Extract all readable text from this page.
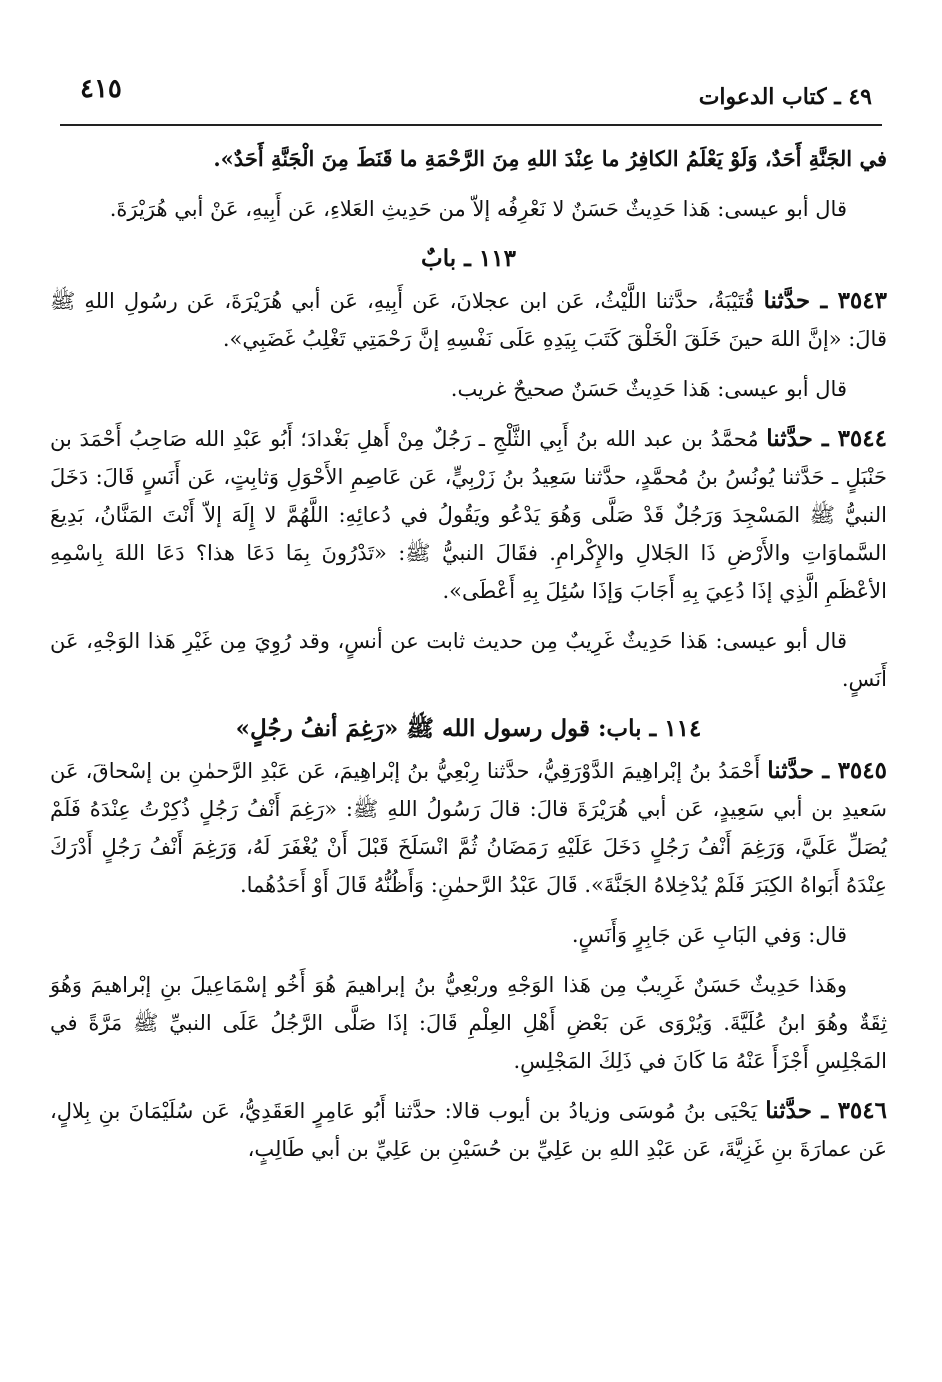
٤١٥	٤٩ ـ كتاب الدعوات

في الجَنَّةِ أَحَدٌ، وَلَوْ يَعْلَمُ الكافِرُ ما عِنْدَ اللهِ مِنَ الرَّحْمَةِ ما قَنَطَ مِنَ الْجَنَّةِ أَحَدٌ».

قال أبو عيسى: هَذا حَدِيثٌ حَسَنٌ لا نَعْرِفُه إلاّ من حَدِيثِ العَلاءِ، عَن أَبِيهِ، عَنْ أبي هُرَيْرَةَ.

١١٣ ـ بابٌ

٣٥٤٣ ـ حدَّثنا قُتَيْبَةُ، حدَّثنا اللَّيْثُ، عَن ابن عجلانَ، عَن أَبِيهِ، عَن أبي هُرَيْرَةَ، عَن رسُولِ اللهِ ﷺ قالَ: «إنَّ اللهَ حينَ خَلَقَ الْخَلْقَ كَتَبَ بِيَدِهِ عَلَى نَفْسِهِ إنَّ رَحْمَتِي تَغْلِبُ غَضَبِي».

قال أبو عيسى: هَذا حَدِيثٌ حَسَنٌ صحيحٌ غريب.

٣٥٤٤ ـ حدَّثنا مُحمَّدُ بن عبد الله بنُ أَبِي الثَّلْجِ ـ رَجُلٌ مِنْ أَهلِ بَغْدادَ؛ أَبُو عَبْدِ الله صَاحِبُ أَحْمَدَ بن حَنْبَلٍ ـ حَدَّثنا يُونُسُ بنُ مُحمَّدٍ، حدَّثنا سَعِيدُ بنُ زَرْبِيٍّ، عَن عَاصِمِ الأَحْوَلِ وَثابِتٍ، عَن أَنَسٍ قَالَ: دَخَلَ النبيُّ ﷺ المَسْجِدَ وَرَجُلٌ قَدْ صَلَّى وَهُوَ يَدْعُو ويَقُولُ في دُعائِهِ: اللَّهُمَّ لا إِلَهَ إلاّ أَنْتَ المَنَّانُ، بَدِيعَ السَّماوَاتِ والأَرْضِ ذَا الجَلالِ والإِكْرامِ. فقَالَ النبيُّ ﷺ: «تَدْرُونَ بِمَا دَعَا هذا؟ دَعَا اللهَ بِاسْمِهِ الأعْظَمِ الَّذِي إذَا دُعِيَ بِهِ أَجَابَ وَإذَا سُئِلَ بِهِ أَعْطَى».

قال أبو عيسى: هَذا حَدِيثٌ غَرِيبٌ مِن حديث ثابت عن أنسٍ، وقد رُوِيَ مِن غَيْرِ هَذا الوَجْهِ، عَن أَنَسٍ.

١١٤ ـ باب: قول رسول الله ﷺ «رَغِمَ أنفُ رجُلٍ»

٣٥٤٥ ـ حدَّثنا أَحْمَدُ بنُ إبْراهِيمَ الدَّوْرَقِيُّ، حدَّثنا رِبْعِيُّ بنُ إبْراهِيمَ، عَن عَبْدِ الرَّحمٰنِ بن إسْحاقَ، عَن سَعيدِ بن أبي سَعِيدٍ، عَن أبي هُرَيْرَةَ قالَ: قالَ رَسُولُ اللهِ ﷺ: «رَغِمَ أَنْفُ رَجُلٍ ذُكِرْتُ عِنْدَهُ فَلَمْ يُصَلِّ عَلَيَّ، وَرَغِمَ أَنْفُ رَجُلٍ دَخَلَ عَلَيْهِ رَمَضَانُ ثُمَّ انْسَلَخَ قَبْلَ أَنْ يُغْفَرَ لَهُ، وَرَغِمَ أَنْفُ رَجُلٍ أَدْرَكَ عِنْدَهُ أَبَواهُ الكِبَرَ فَلَمْ يُدْخِلاهُ الجَنَّةَ». قَالَ عَبْدُ الرَّحمٰنِ: وَأَظُنُّهُ قَالَ أَوْ أَحَدُهُما.

قال: وَفي البَابِ عَن جَابِرٍ وَأَنَسٍ.

وهَذا حَدِيثٌ حَسَنٌ غَرِيبٌ مِن هَذا الوَجْهِ وربْعِيُّ بنُ إبراهيمَ هُوَ أَخُو إسْمَاعِيلَ بنِ إبْراهيمَ وَهُوَ ثِقَةٌ وهُوَ ابنُ عُلَيَّةَ. وَيُرْوَى عَن بَعْضِ أَهْلِ العِلْمِ قَالَ: إذَا صَلَّى الرَّجُلُ عَلَى النبيِّ ﷺ مَرَّةً في المَجْلِسِ أَجْزَأَ عَنْهُ مَا كَانَ في ذَلِكَ المَجْلِسِ.

٣٥٤٦ ـ حدَّثنا يَحْيَى بنُ مُوسَى وزيادُ بن أيوب قالا: حدَّثنا أَبُو عَامِرٍ العَقَدِيُّ، عَن سُلَيْمَانَ بنِ بِلالٍ، عَن عمارَةَ بنِ غَزِيَّةَ، عَن عَبْدِ اللهِ بن عَلِيِّ بن حُسَيْنِ بن عَلِيِّ بن أبي طَالِبٍ،
